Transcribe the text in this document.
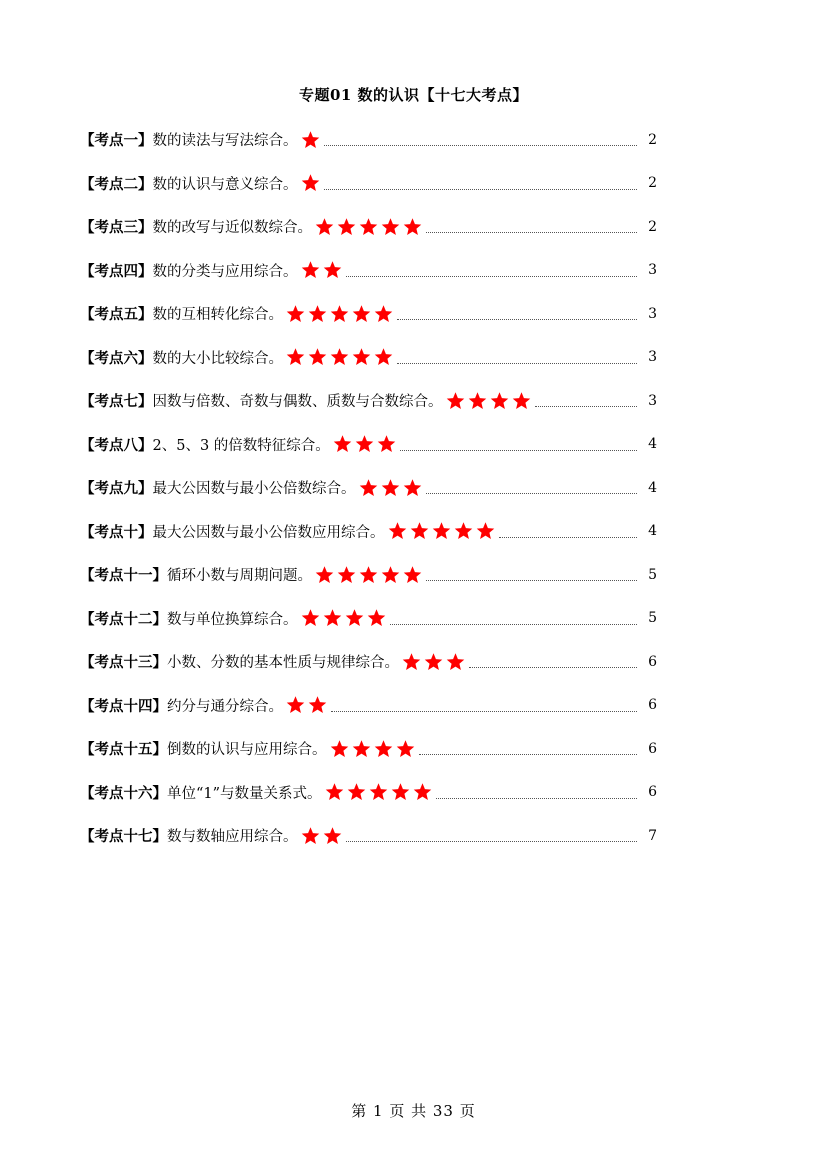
专题01 数的认识【十七大考点】
【考点一】 数的读法与写法综合。	2
【考点二】 数的认识与意义综合。	2
【考点三】 数的改写与近似数综合。	2
【考点四】 数的分类与应用综合。	3
【考点五】 数的互相转化综合。	3
【考点六】 数的大小比较综合。	3
【考点七】 因数与倍数、奇数与偶数、质数与合数综合。	3
【考点八】 2、5、3 的倍数特征综合。	4
【考点九】 最大公因数与最小公倍数综合。	4
【考点十】 最大公因数与最小公倍数应用综合。	4
【考点十一】 循环小数与周期问题。	5
【考点十二】 数与单位换算综合。	5
【考点十三】 小数、分数的基本性质与规律综合。	6
【考点十四】 约分与通分综合。	6
【考点十五】 倒数的认识与应用综合。	6
【考点十六】 单位“1”与数量关系式。	6
【考点十七】 数与数轴应用综合。	7
第 1 页 共 33 页
